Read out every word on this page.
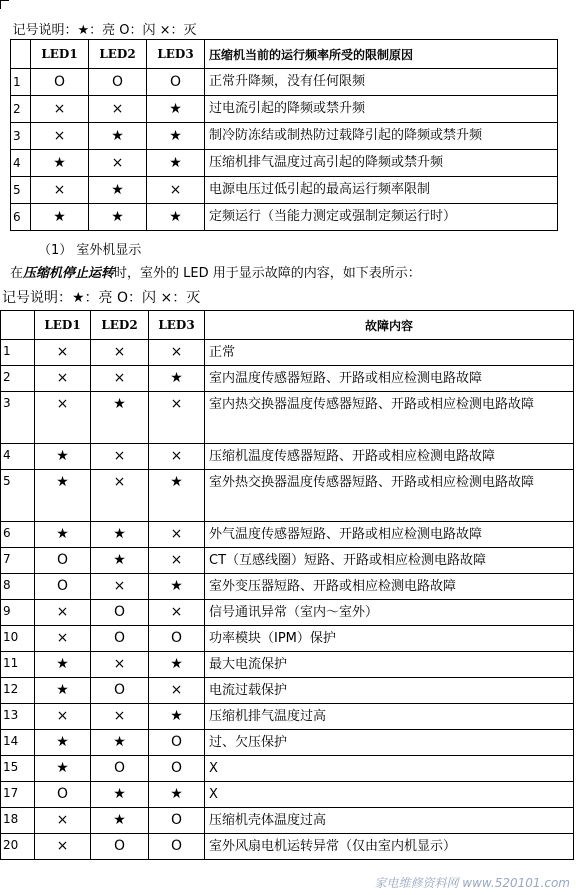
记号说明：★：亮 O：闪 ×：灭				
	LED1	LED2	LED3	压缩机当前的运行频率所受的限制原因
1	O	O	O	正常升降频，没有任何限频
2	×	×	★	过电流引起的降频或禁升频
3	×	★	★	制冷防冻结或制热防过载降引起的降频或禁升频
4	★	×	★	压缩机排气温度过高引起的降频或禁升频
5	×	★	×	电源电压过低引起的最高运行频率限制
6	★	★	★	定频运行（当能力测定或强制定频运行时）
（1） 室外机显示
在压缩机停止运转时，室外的 LED 用于显示故障的内容，如下表所示：
记号说明：★：亮 O：闪 ×：灭
	LED1	LED2	LED3	故障内容
1	×	×	×	正常
2	×	×	★	室内温度传感器短路、开路或相应检测电路故障
3	×	★	×	室内热交换器温度传感器短路、开路或相应检测电路故障
4	★	×	×	压缩机温度传感器短路、开路或相应检测电路故障
5	★	×	★	室外热交换器温度传感器短路、开路或相应检测电路故障
6	★	★	×	外气温度传感器短路、开路或相应检测电路故障
7	O	★	×	CT（互感线圈）短路、开路或相应检测电路故障
8	O	×	★	室外变压器短路、开路或相应检测电路故障
9	×	O	×	信号通讯异常（室内～室外）
10	×	O	O	功率模块（IPM）保护
11	★	×	★	最大电流保护
12	★	O	×	电流过载保护
13	×	×	★	压缩机排气温度过高
14	★	★	O	过、欠压保护
15	★	O	O	X
17	O	★	★	X
18	×	★	O	压缩机壳体温度过高
20	×	O	O	室外风扇电机运转异常（仅由室内机显示）
家电维修资料网 www.520101.com
